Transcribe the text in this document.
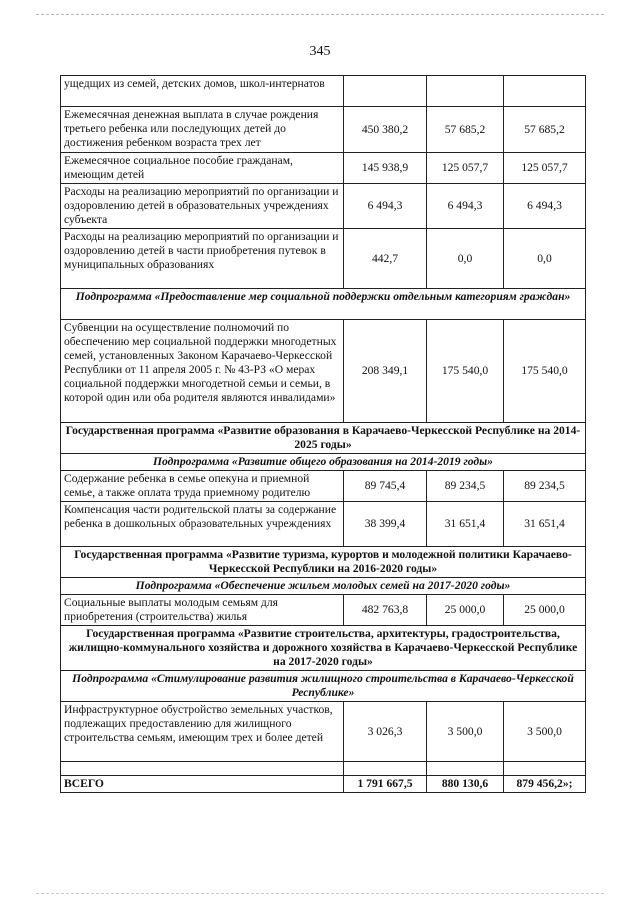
345
ущедщих из семей, детских домов, школ-интернатов			
Ежемесячная денежная выплата в случае рождения третьего ребенка или последующих детей до достижения ребенком возраста трех лет	450 380,2	57 685,2	57 685,2
Ежемесячное социальное пособие гражданам, имеющим детей	145 938,9	125 057,7	125 057,7
Расходы на реализацию мероприятий по организации и оздоровлению детей в образовательных учреждениях субъекта	6 494,3	6 494,3	6 494,3
Расходы на реализацию мероприятий по организации и оздоровлению детей в части приобретения путевок в муниципальных образованиях	442,7	0,0	0,0
Подпрограмма «Предоставление мер социальной поддержки отдельным категориям граждан»			
Субвенции на осуществление полномочий по обеспечению мер социальной поддержки многодетных семей, установленных Законом Карачаево-Черкесской Республики от 11 апреля 2005 г. № 43-РЗ «О мерах социальной поддержки многодетной семьи и семьи, в которой один или оба родителя являются инвалидами»	208 349,1	175 540,0	175 540,0
Государственная программа «Развитие образования в Карачаево-Черкесской Республике на 2014-2025 годы»			
Подпрограмма «Развитие общего образования на 2014-2019 годы»			
Содержание ребенка в семье опекуна и приемной семье, а также оплата труда приемному родителю	89 745,4	89 234,5	89 234,5
Компенсация части родительской платы за содержание ребенка в дошкольных образовательных учреждениях	38 399,4	31 651,4	31 651,4
Государственная программа «Развитие туризма, курортов и молодежной политики Карачаево-Черкесской Республики на 2016-2020 годы»			
Подпрограмма «Обеспечение жильем молодых семей на 2017-2020 годы»			
Социальные выплаты молодым семьям для приобретения (строительства) жилья	482 763,8	25 000,0	25 000,0
Государственная программа «Развитие строительства, архитектуры, градостроительства, жилищно-коммунального хозяйства и дорожного хозяйства в Карачаево-Черкесской Республике на 2017-2020 годы»			
Подпрограмма «Стимулирование развития жилищного строительства в Карачаево-Черкесской Республике»			
Инфраструктурное обустройство земельных участков, подлежащих предоставлению для жилищного строительства семьям, имеющим трех и более детей	3 026,3	3 500,0	3 500,0

ВСЕГО	1 791 667,5	880 130,6	879 456,2»;
